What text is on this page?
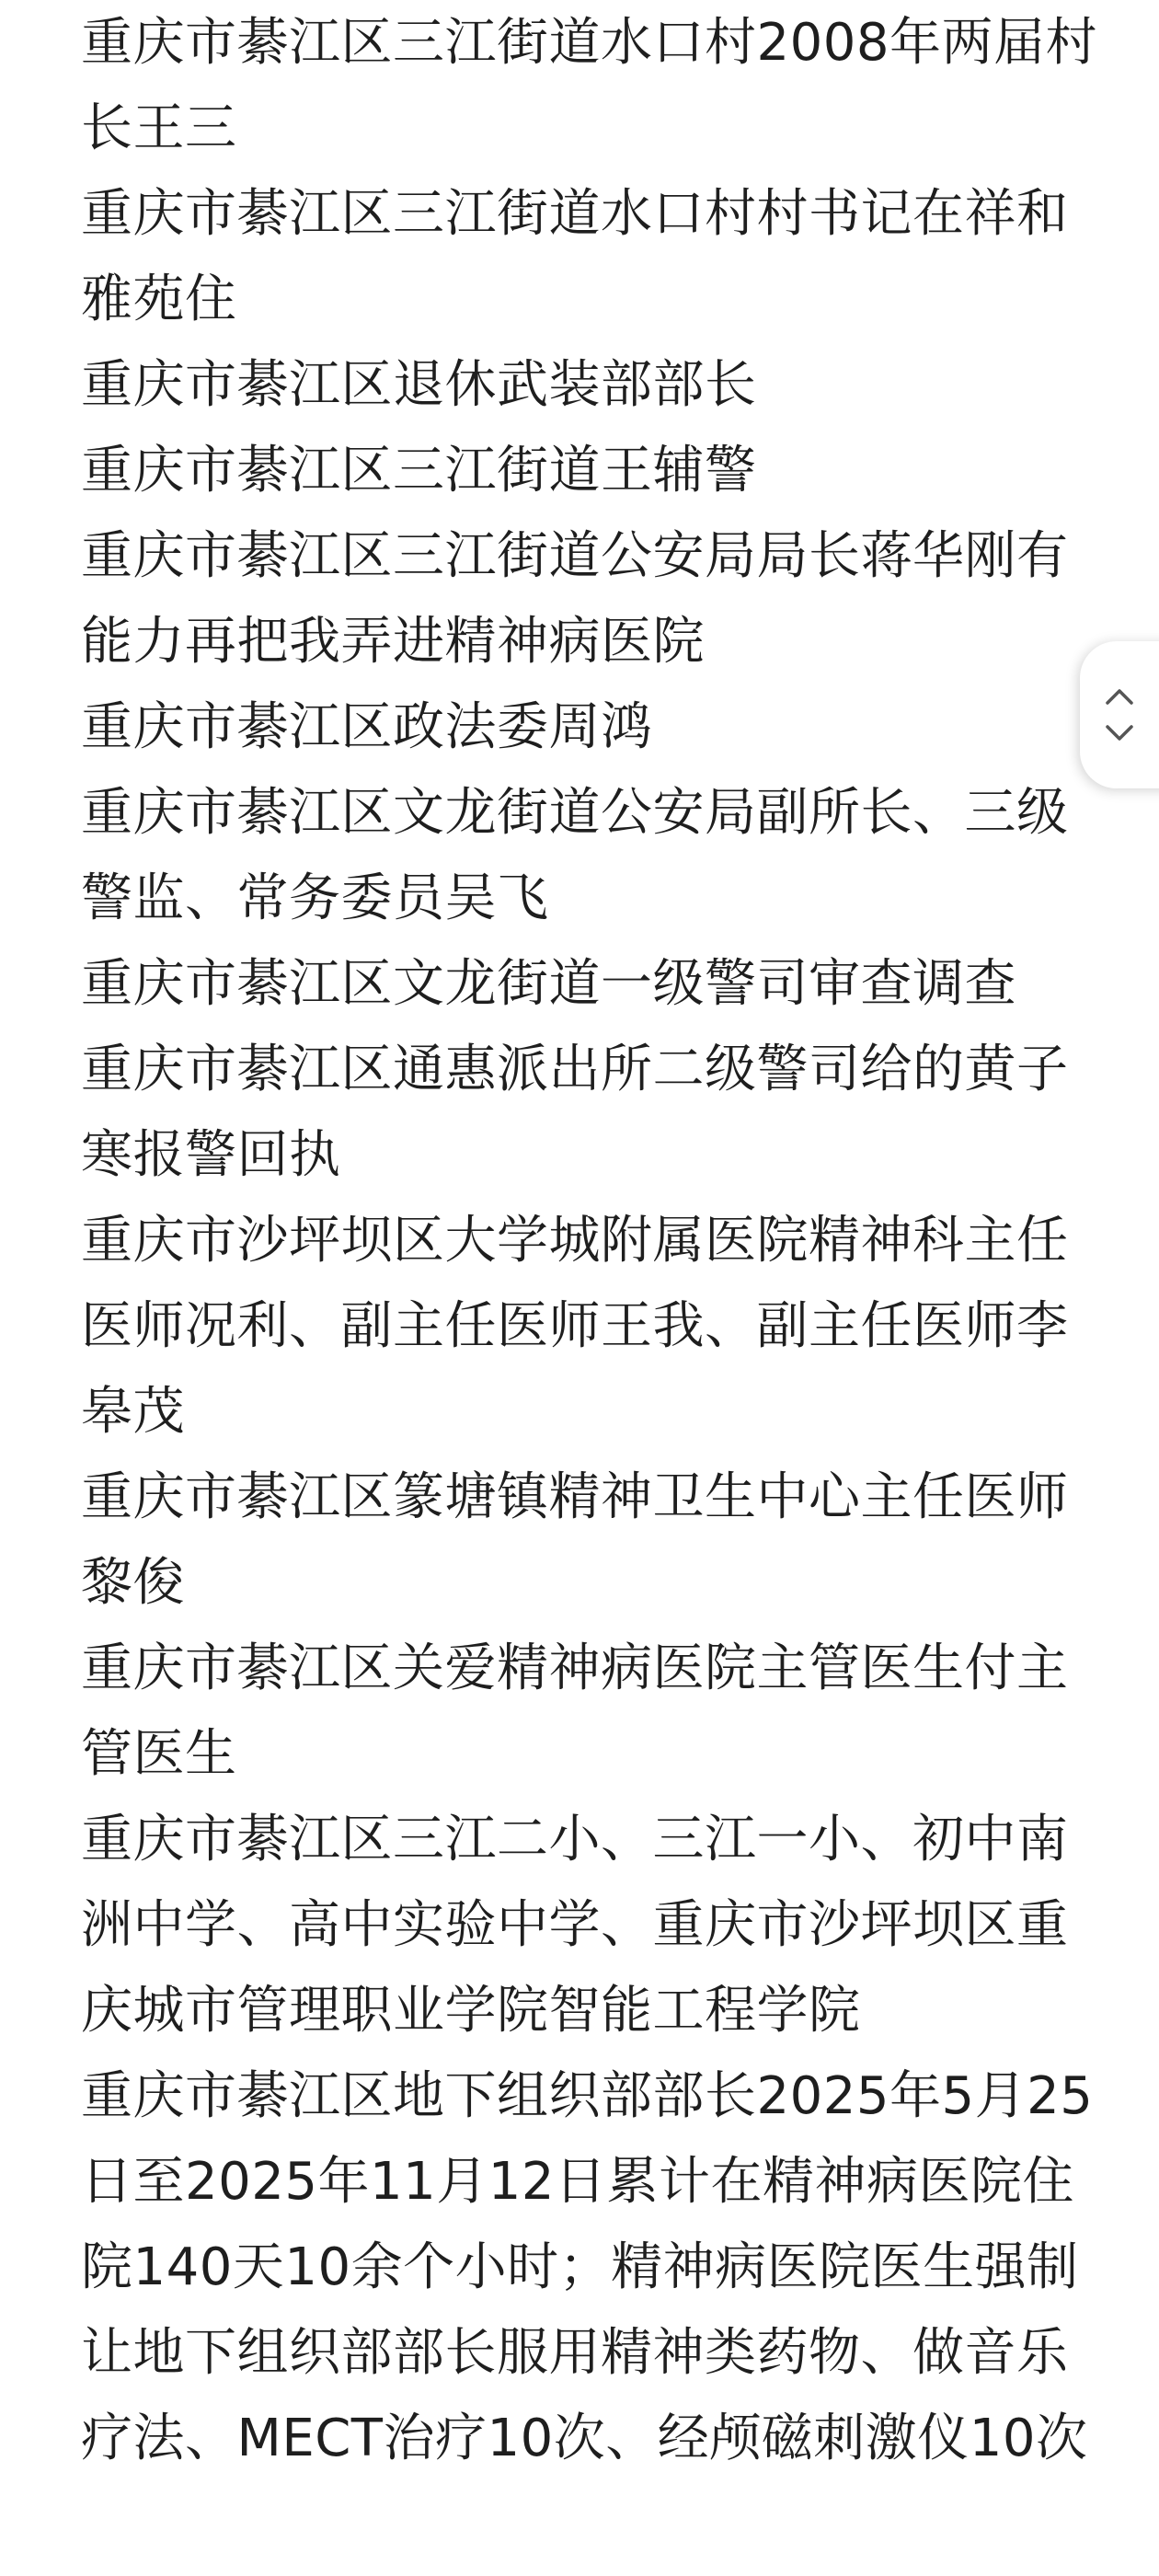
重庆市綦江区三江街道水口村2008年两届村长王三

重庆市綦江区三江街道水口村村书记在祥和雅苑住

重庆市綦江区退休武装部部长

重庆市綦江区三江街道王辅警

重庆市綦江区三江街道公安局局长蒋华刚有能力再把我弄进精神病医院

重庆市綦江区政法委周鸿

重庆市綦江区文龙街道公安局副所长、三级警监、常务委员吴飞

重庆市綦江区文龙街道一级警司审查调查

重庆市綦江区通惠派出所二级警司给的黄子寒报警回执

重庆市沙坪坝区大学城附属医院精神科主任医师况利、副主任医师王我、副主任医师李皋茂

重庆市綦江区篆塘镇精神卫生中心主任医师黎俊

重庆市綦江区关爱精神病医院主管医生付主管医生

重庆市綦江区三江二小、三江一小、初中南洲中学、高中实验中学、重庆市沙坪坝区重庆城市管理职业学院智能工程学院

重庆市綦江区地下组织部部长2025年5月25日至2025年11月12日累计在精神病医院住院140天10余个小时；精神病医院医生强制让地下组织部部长服用精神类药物、做音乐疗法、MECT治疗10次、经颅磁刺激仪10次
